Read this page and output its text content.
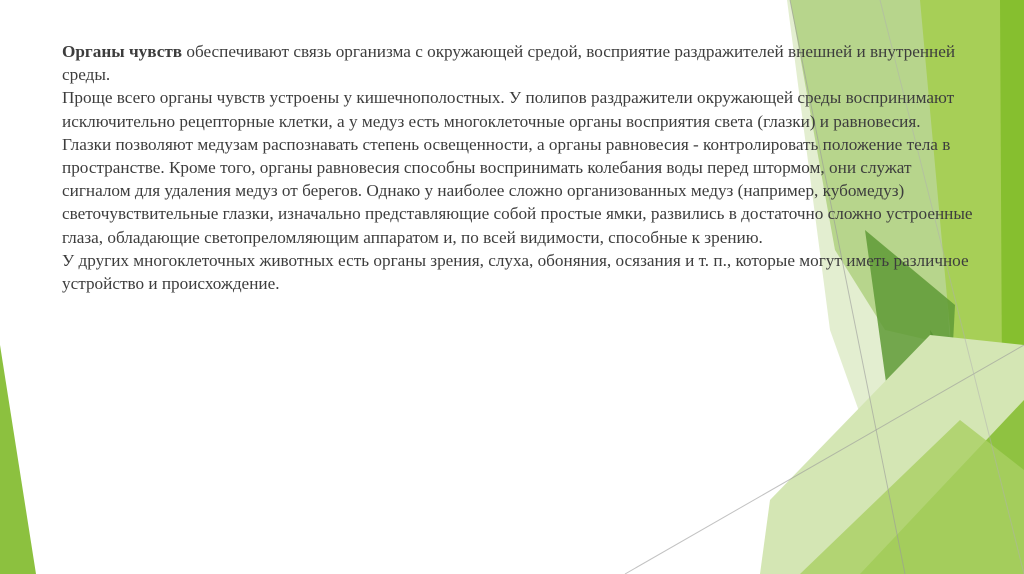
Органы чувств обеспечивают связь организма с окружающей средой, восприятие раздражителей внешней и внутренней среды.

Проще всего органы чувств устроены у кишечнополостных. У полипов раздражители окружающей среды воспринимают исключительно рецепторные клетки, а у медуз есть многоклеточные органы восприятия света (глазки) и равновесия. Глазки позволяют медузам распознавать степень освещенности, а органы равновесия - контролировать положение тела в пространстве. Кроме того, органы равновесия способны воспринимать колебания воды перед штормом, они служат сигналом для удаления медуз от берегов. Однако у наиболее сложно организованных медуз (например, кубомедуз) светочувствительные глазки, изначально представляющие собой простые ямки, развились в достаточно сложно устроенные глаза, обладающие светопреломляющим аппаратом и, по всей видимости, способные к зрению.

У других многоклеточных животных есть органы зрения, слуха, обоняния, осязания и т. п., которые могут иметь различное устройство и происхождение.
